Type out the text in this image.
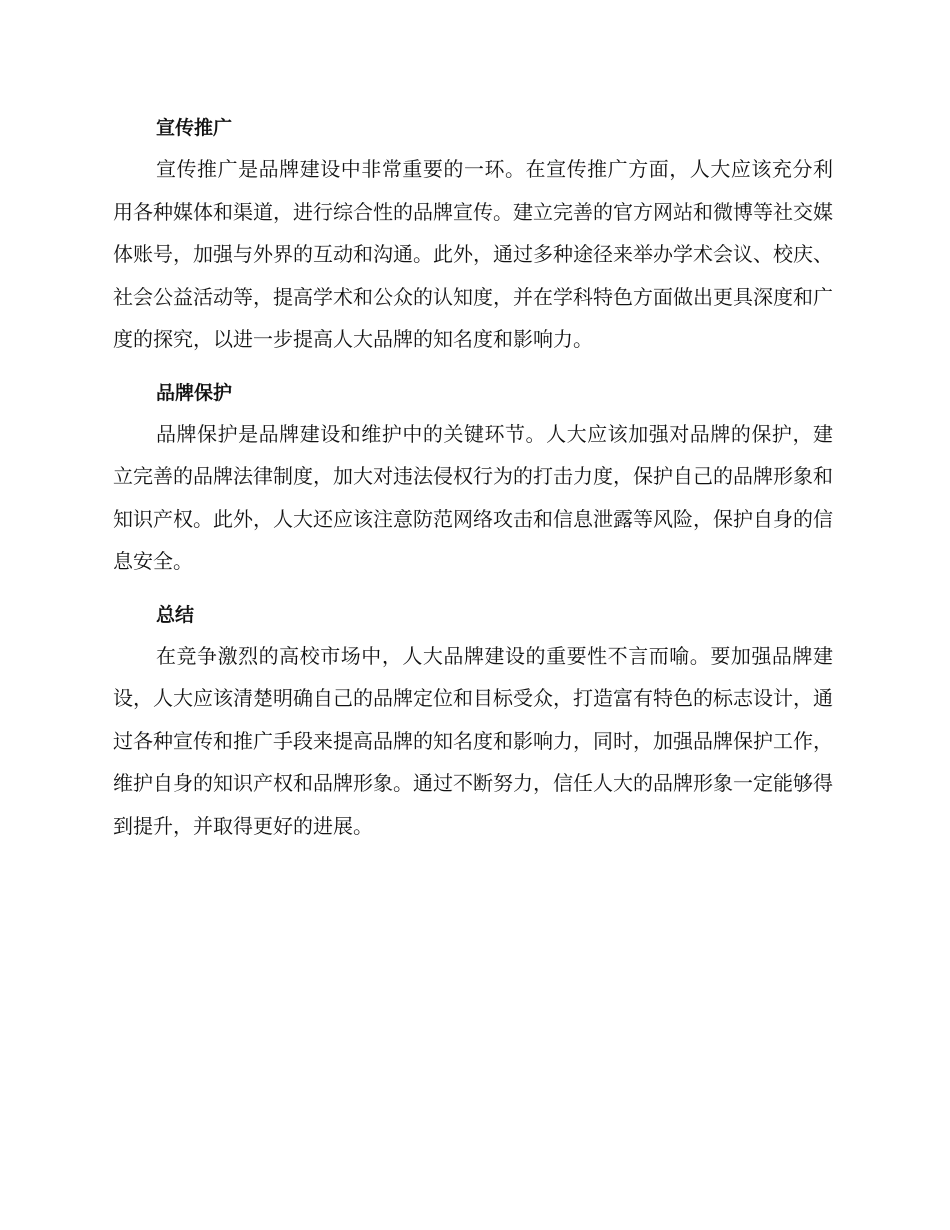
宣传推广

宣传推广是品牌建设中非常重要的一环。在宣传推广方面，人大应该充分利用各种媒体和渠道，进行综合性的品牌宣传。建立完善的官方网站和微博等社交媒体账号，加强与外界的互动和沟通。此外，通过多种途径来举办学术会议、校庆、社会公益活动等，提高学术和公众的认知度，并在学科特色方面做出更具深度和广度的探究，以进一步提高人大品牌的知名度和影响力。

品牌保护

品牌保护是品牌建设和维护中的关键环节。人大应该加强对品牌的保护，建立完善的品牌法律制度，加大对违法侵权行为的打击力度，保护自己的品牌形象和知识产权。此外，人大还应该注意防范网络攻击和信息泄露等风险，保护自身的信息安全。

总结

在竞争激烈的高校市场中，人大品牌建设的重要性不言而喻。要加强品牌建设，人大应该清楚明确自己的品牌定位和目标受众，打造富有特色的标志设计，通过各种宣传和推广手段来提高品牌的知名度和影响力，同时，加强品牌保护工作，维护自身的知识产权和品牌形象。通过不断努力，信任人大的品牌形象一定能够得到提升，并取得更好的进展。
